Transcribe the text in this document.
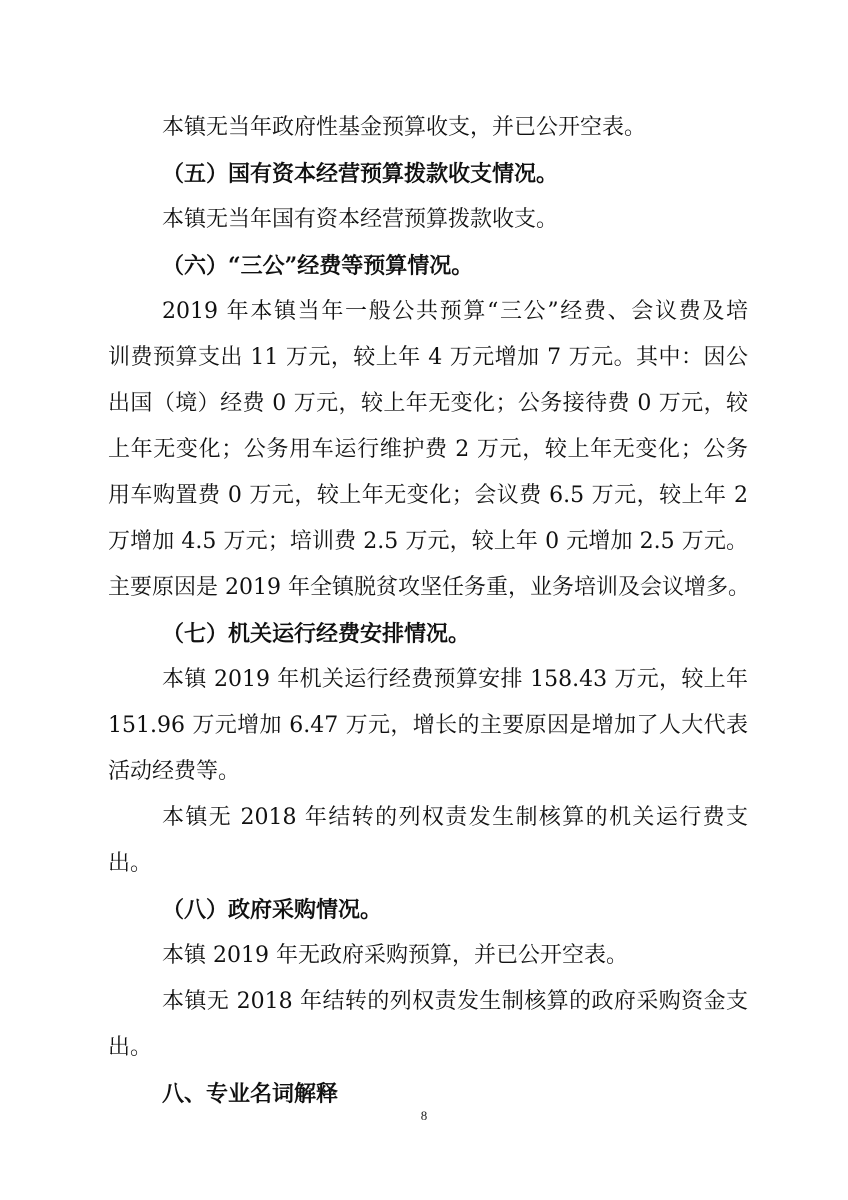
本镇无当年政府性基金预算收支，并已公开空表。
（五）国有资本经营预算拨款收支情况。
本镇无当年国有资本经营预算拨款收支。
（六）“三公”经费等预算情况。
2019 年本镇当年一般公共预算“三公”经费、会议费及培
训费预算支出 11 万元，较上年 4 万元增加 7 万元。其中：因公
出国（境）经费 0 万元，较上年无变化；公务接待费 0 万元，较
上年无变化；公务用车运行维护费 2 万元，较上年无变化；公务
用车购置费 0 万元，较上年无变化；会议费 6.5 万元，较上年 2
万增加 4.5 万元；培训费 2.5 万元，较上年 0 元增加 2.5 万元。
主要原因是 2019 年全镇脱贫攻坚任务重，业务培训及会议增多。
（七）机关运行经费安排情况。
本镇 2019 年机关运行经费预算安排 158.43 万元，较上年
151.96 万元增加 6.47 万元，增长的主要原因是增加了人大代表
活动经费等。
本镇无 2018 年结转的列权责发生制核算的机关运行费支
出。
（八）政府采购情况。
本镇 2019 年无政府采购预算，并已公开空表。
本镇无 2018 年结转的列权责发生制核算的政府采购资金支
出。
八、专业名词解释
8
